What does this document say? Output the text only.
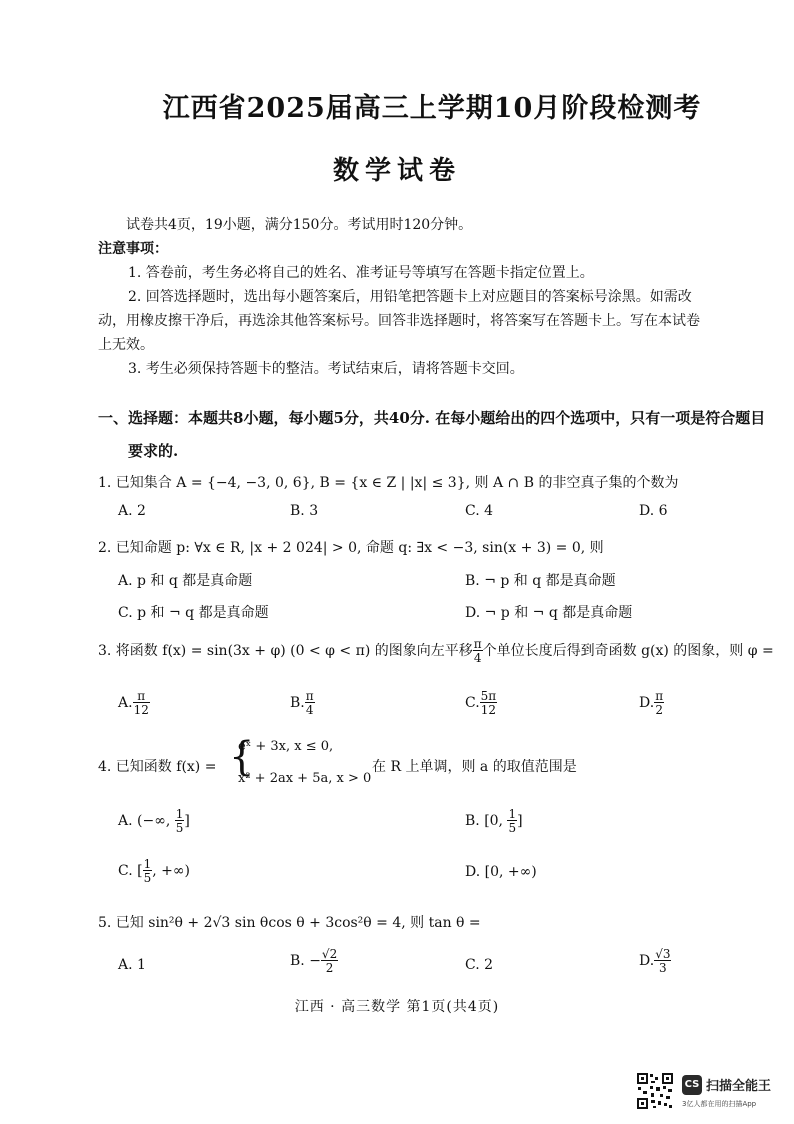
江西省2025届高三上学期10月阶段检测考
数学试卷
试卷共4页，19小题，满分150分。考试用时120分钟。
注意事项：
1. 答卷前，考生务必将自己的姓名、准考证号等填写在答题卡指定位置上。
2. 回答选择题时，选出每小题答案后，用铅笔把答题卡上对应题目的答案标号涂黑。如需改
动，用橡皮擦干净后，再选涂其他答案标号。回答非选择题时，将答案写在答题卡上。写在本试卷
上无效。
3. 考生必须保持答题卡的整洁。考试结束后，请将答题卡交回。
一、选择题：本题共8小题，每小题5分，共40分. 在每小题给出的四个选项中，只有一项是符合题目
要求的.
1. 已知集合 A = {−4, −3, 0, 6}, B = {x ∈ Z | |x| ≤ 3}, 则 A ∩ B 的非空真子集的个数为
A. 2	B. 3	C. 4	D. 6
2. 已知命题 p: ∀x ∈ R, |x + 2 024| > 0, 命题 q: ∃x < −3, sin(x + 3) = 0, 则
A. p 和 q 都是真命题	B. ¬ p 和 q 都是真命题
C. p 和 ¬ q 都是真命题	D. ¬ p 和 ¬ q 都是真命题
3. 将函数 f(x) = sin(3x + φ) (0 < φ < π) 的图象向左平移 $\frac{\pi}{4}$ 个单位长度后得到奇函数 g(x) 的图象，则 φ =
A. $\frac{\pi}{12}$	B. $\frac{\pi}{4}$	C. $\frac{5\pi}{12}$	D. $\frac{\pi}{2}$
4. 已知函数 f(x) = {
eˣ + 3x, x ≤ 0,
x² + 2ax + 5a, x > 0
在 R 上单调，则 a 的取值范围是
A. (−∞, $\frac{1}{5}$ ]	B. [0, $\frac{1}{5}$ ]
C. [ $\frac{1}{5}$ , +∞)	D. [0, +∞)
5. 已知 sin²θ + 2√3 sin θcos θ + 3cos²θ = 4, 则 tan θ =
A. 1	B. − $\frac{√2}{2}$	C. 2	D. $\frac{√3}{3}$
江西 · 高三数学 第1页(共4页)
CS 扫描全能王
3亿人都在用的扫描App
